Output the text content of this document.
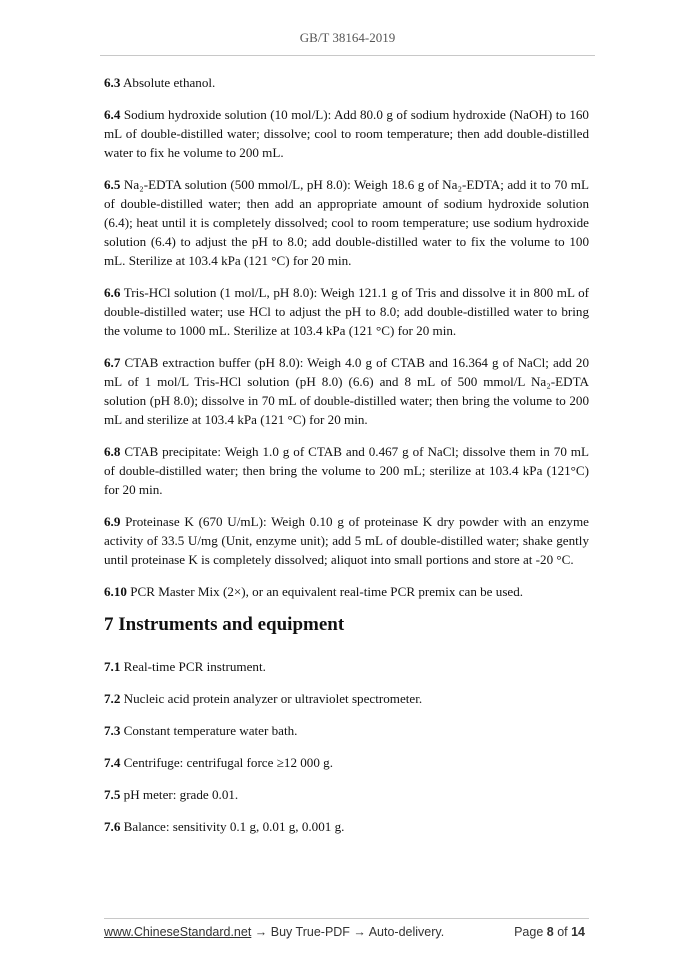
GB/T 38164-2019

6.3 Absolute ethanol.

6.4 Sodium hydroxide solution (10 mol/L): Add 80.0 g of sodium hydroxide (NaOH) to 160 mL of double-distilled water; dissolve; cool to room temperature; then add double-distilled water to fix he volume to 200 mL.

6.5 Na₂-EDTA solution (500 mmol/L, pH 8.0): Weigh 18.6 g of Na₂-EDTA; add it to 70 mL of double-distilled water; then add an appropriate amount of sodium hydroxide solution (6.4); heat until it is completely dissolved; cool to room temperature; use sodium hydroxide solution (6.4) to adjust the pH to 8.0; add double-distilled water to fix the volume to 100 mL. Sterilize at 103.4 kPa (121 °C) for 20 min.

6.6 Tris-HCl solution (1 mol/L, pH 8.0): Weigh 121.1 g of Tris and dissolve it in 800 mL of double-distilled water; use HCl to adjust the pH to 8.0; add double-distilled water to bring the volume to 1000 mL. Sterilize at 103.4 kPa (121 °C) for 20 min.

6.7 CTAB extraction buffer (pH 8.0): Weigh 4.0 g of CTAB and 16.364 g of NaCl; add 20 mL of 1 mol/L Tris-HCl solution (pH 8.0) (6.6) and 8 mL of 500 mmol/L Na₂-EDTA solution (pH 8.0); dissolve in 70 mL of double-distilled water; then bring the volume to 200 mL and sterilize at 103.4 kPa (121 °C) for 20 min.

6.8 CTAB precipitate: Weigh 1.0 g of CTAB and 0.467 g of NaCl; dissolve them in 70 mL of double-distilled water; then bring the volume to 200 mL; sterilize at 103.4 kPa (121°C) for 20 min.

6.9 Proteinase K (670 U/mL): Weigh 0.10 g of proteinase K dry powder with an enzyme activity of 33.5 U/mg (Unit, enzyme unit); add 5 mL of double-distilled water; shake gently until proteinase K is completely dissolved; aliquot into small portions and store at -20 °C.

6.10 PCR Master Mix (2×), or an equivalent real-time PCR premix can be used.

7 Instruments and equipment

7.1 Real-time PCR instrument.

7.2 Nucleic acid protein analyzer or ultraviolet spectrometer.

7.3 Constant temperature water bath.

7.4 Centrifuge: centrifugal force ≥12 000 g.

7.5 pH meter: grade 0.01.

7.6 Balance: sensitivity 0.1 g, 0.01 g, 0.001 g.

www.ChineseStandard.net → Buy True-PDF → Auto-delivery.	Page 8 of 14
